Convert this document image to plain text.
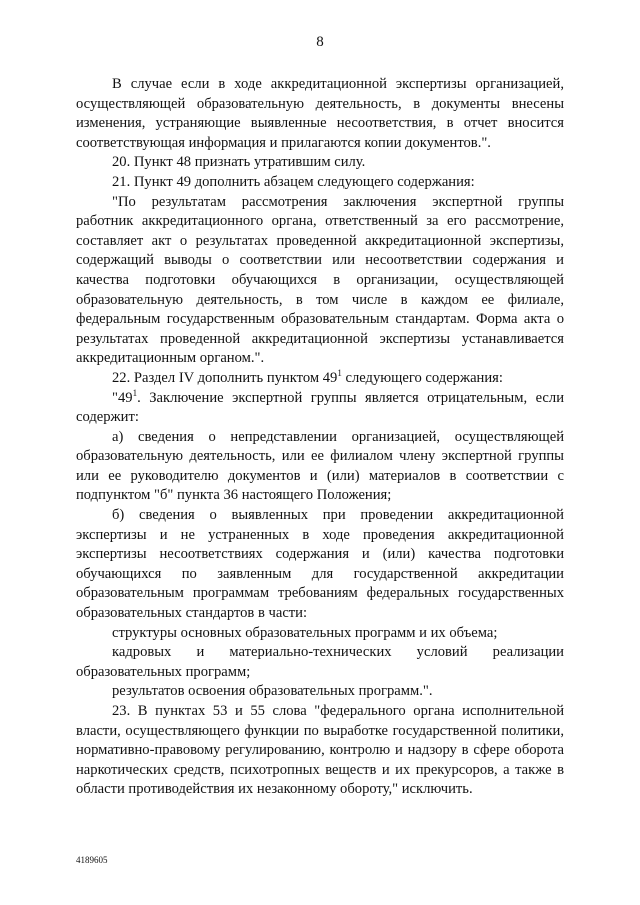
8

В случае если в ходе аккредитационной экспертизы организацией, осуществляющей образовательную деятельность, в документы внесены изменения, устраняющие выявленные несоответствия, в отчет вносится соответствующая информация и прилагаются копии документов.".

20. Пункт 48 признать утратившим силу.

21. Пункт 49 дополнить абзацем следующего содержания:

"По результатам рассмотрения заключения экспертной группы работник аккредитационного органа, ответственный за его рассмотрение, составляет акт о результатах проведенной аккредитационной экспертизы, содержащий выводы о соответствии или несоответствии содержания и качества подготовки обучающихся в организации, осуществляющей образовательную деятельность, в том числе в каждом ее филиале, федеральным государственным образовательным стандартам. Форма акта о результатах проведенной аккредитационной экспертизы устанавливается аккредитационным органом.".

22. Раздел IV дополнить пунктом $49^1$ следующего содержания:

"$49^1$. Заключение экспертной группы является отрицательным, если содержит:

а) сведения о непредставлении организацией, осуществляющей образовательную деятельность, или ее филиалом члену экспертной группы или ее руководителю документов и (или) материалов в соответствии с подпунктом "б" пункта 36 настоящего Положения;

б) сведения о выявленных при проведении аккредитационной экспертизы и не устраненных в ходе проведения аккредитационной экспертизы несоответствиях содержания и (или) качества подготовки обучающихся по заявленным для государственной аккредитации образовательным программам требованиям федеральных государственных образовательных стандартов в части:

структуры основных образовательных программ и их объема;

кадровых и материально-технических условий реализации

образовательных программ;

результатов освоения образовательных программ.".

23. В пунктах 53 и 55 слова "федерального органа исполнительной власти, осуществляющего функции по выработке государственной политики, нормативно-правовому регулированию, контролю и надзору в сфере оборота наркотических средств, психотропных веществ и их прекурсоров, а также в области противодействия их незаконному обороту," исключить.

4189605
